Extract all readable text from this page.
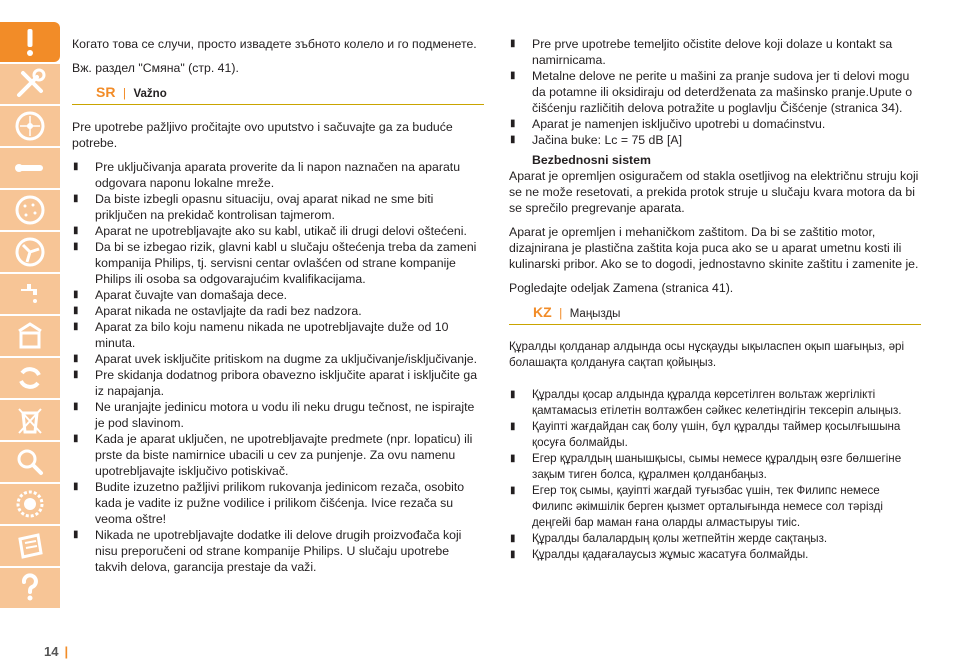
Когато това се случи, просто извадете зъбното колело и го подменете.

Вж. раздел "Смяна" (стр. 41).

SR | Važno

Pre upotrebe pažljivo pročitajte ovo uputstvo i sačuvajte ga za buduće potrebe.

▮ Pre uključivanja aparata proverite da li napon naznačen na aparatu odgovara naponu lokalne mreže.
▮ Da biste izbegli opasnu situaciju, ovaj aparat nikad ne sme biti priključen na prekidač kontrolisan tajmerom.
▮ Aparat ne upotrebljavajte ako su kabl, utikač ili drugi delovi oštećeni.
▮ Da bi se izbegao rizik, glavni kabl u slučaju oštećenja treba da zameni kompanija Philips, tj. servisni centar ovlašćen od strane kompanije Philips ili osoba sa odgovarajućim kvalifikacijama.
▮ Aparat čuvajte van domašaja dece.
▮ Aparat nikada ne ostavljajte da radi bez nadzora.
▮ Aparat za bilo koju namenu nikada ne upotrebljavajte duže od 10 minuta.
▮ Aparat uvek isključite pritiskom na dugme za uključivanje/isključivanje.
▮ Pre skidanja dodatnog pribora obavezno isključite aparat i isključite ga iz napajanja.
▮ Ne uranjajte jedinicu motora u vodu ili neku drugu tečnost, ne ispirajte je pod slavinom.
▮ Kada je aparat uključen, ne upotrebljavajte predmete (npr. lopaticu) ili prste da biste namirnice ubacili u cev za punjenje. Za ovu namenu upotrebljavajte isključivo potiskivač.
▮ Budite izuzetno pažljivi prilikom rukovanja jedinicom rezača, osobito kada je vadite iz pužne vodilice i prilikom čišćenja. Ivice rezača su veoma oštre!
▮ Nikada ne upotrebljavajte dodatke ili delove drugih proizvođača koji nisu preporučeni od strane kompanije Philips. U slučaju upotrebe takvih delova, garancija prestaje da važi.
▮ Pre prve upotrebe temeljito očistite delove koji dolaze u kontakt sa namirnicama.
▮ Metalne delove ne perite u mašini za pranje sudova jer ti delovi mogu da potamne ili oksidiraju od deterdženata za mašinsko pranje.Upute o čišćenju različitih delova potražite u poglavlju Čišćenje (stranica 34).
▮ Aparat je namenjen isključivo upotrebi u domaćinstvu.
▮ Jačina buke: Lc = 75 dB [A]
Bezbednosni sistem

Aparat je opremljen osiguračem od stakla osetljivog na električnu struju koji se ne može resetovati, a prekida protok struje u slučaju kvara motora da bi se sprečilo pregrevanje aparata.

Aparat je opremljen i mehaničkom zaštitom. Da bi se zaštitio motor, dizajnirana je plastična zaštita koja puca ako se u aparat umetnu kosti ili kulinarski pribor. Ako se to dogodi, jednostavno skinite zaštitu i zamenite je.

Pogledajte odeljak Zamena (stranica 41).

KZ | Маңызды

Құралды қолданар алдында осы нұсқауды ықыласпен оқып шағыңыз, әрі болашақта қолдануға сақтап қойыңыз.

▮ Құралды қосар алдында құралда көрсетілген вольтаж жергілікті қамтамасыз етілетін волтажбен сәйкес келетіндігін тексеріп алыңыз.
▮ Қауіпті жағдайдан сақ болу үшін, бұл құралды таймер қосылғышына қосуға болмайды.
▮ Егер құралдың шанышқысы, сымы немесе құралдың өзге бөлшегіне зақым тиген болса, құралмен қолданбаңыз.
▮ Егер тоқ сымы, қауіпті жағдай туғызбас үшін, тек Филипс немесе Филипс әкімшілік берген қызмет орталығында немесе сол тәрізді деңгейі бар маман ғана оларды алмастыруы тиіс.
▮ Құралды балалардың қолы жетпейтін жерде сақтаңыз.
▮ Құралды қадағалаусыз жұмыс жасатуға болмайды.
14 |
